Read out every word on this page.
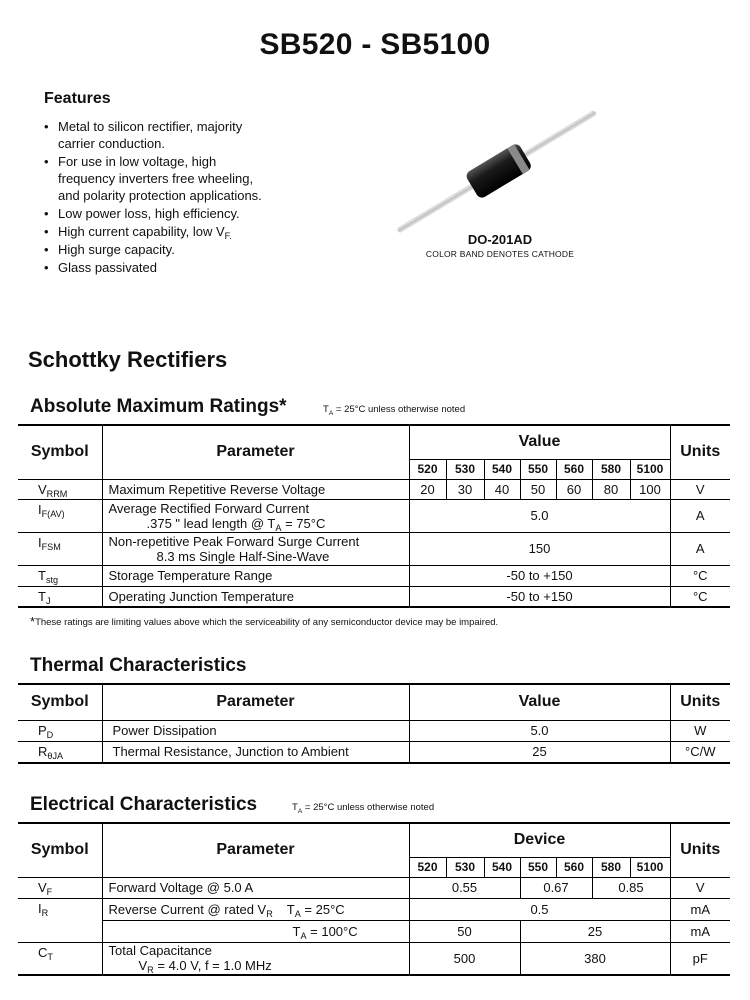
SB520 - SB5100
Features
• Metal to silicon rectifier, majority carrier conduction.
• For use in low voltage, high frequency inverters free wheeling, and polarity protection applications.
• Low power loss, high efficiency.
• High current capability, low $V_{F.}$
• High surge capacity.
• Glass passivated
DO-201AD
COLOR BAND DENOTES CATHODE
Schottky Rectifiers
Absolute Maximum Ratings*	$T_A = 25^\circ C$ unless otherwise noted
Symbol	Parameter	Value							Units
		520	530	540	550	560	580	5100	
$V_{RRM}$	Maximum Repetitive Reverse Voltage	20	30	40	50	60	80	100	V
$I_{F(AV)}$	Average Rectified Forward Current
.375 " lead length @ $T_A = 75^\circ C$	5.0							A
$I_{FSM}$	Non-repetitive Peak Forward Surge Current
8.3 ms Single Half-Sine-Wave	150							A
$T_{stg}$	Storage Temperature Range	-50 to +150							°C
$T_J$	Operating Junction Temperature	-50 to +150							°C
*These ratings are limiting values above which the serviceability of any semiconductor device may be impaired.
Thermal Characteristics
Symbol	Parameter	Value	Units
$P_D$	Power Dissipation	5.0	W
$R_{\theta JA}$	Thermal Resistance, Junction to Ambient	25	°C/W
Electrical Characteristics	$T_A = 25^\circ C$ unless otherwise noted
Symbol	Parameter	Device							Units
		520	530	540	550	560	580	5100	
$V_F$	Forward Voltage @ 5.0 A	0.55			0.67		0.85		V
$I_R$	Reverse Current @ rated $V_R$ $T_A = 25^\circ C$	0.5							mA
	$T_A = 100^\circ C$	50			25				mA
$C_T$	Total Capacitance
$V_R = 4.0$ V, f = 1.0 MHz	500			380				pF
